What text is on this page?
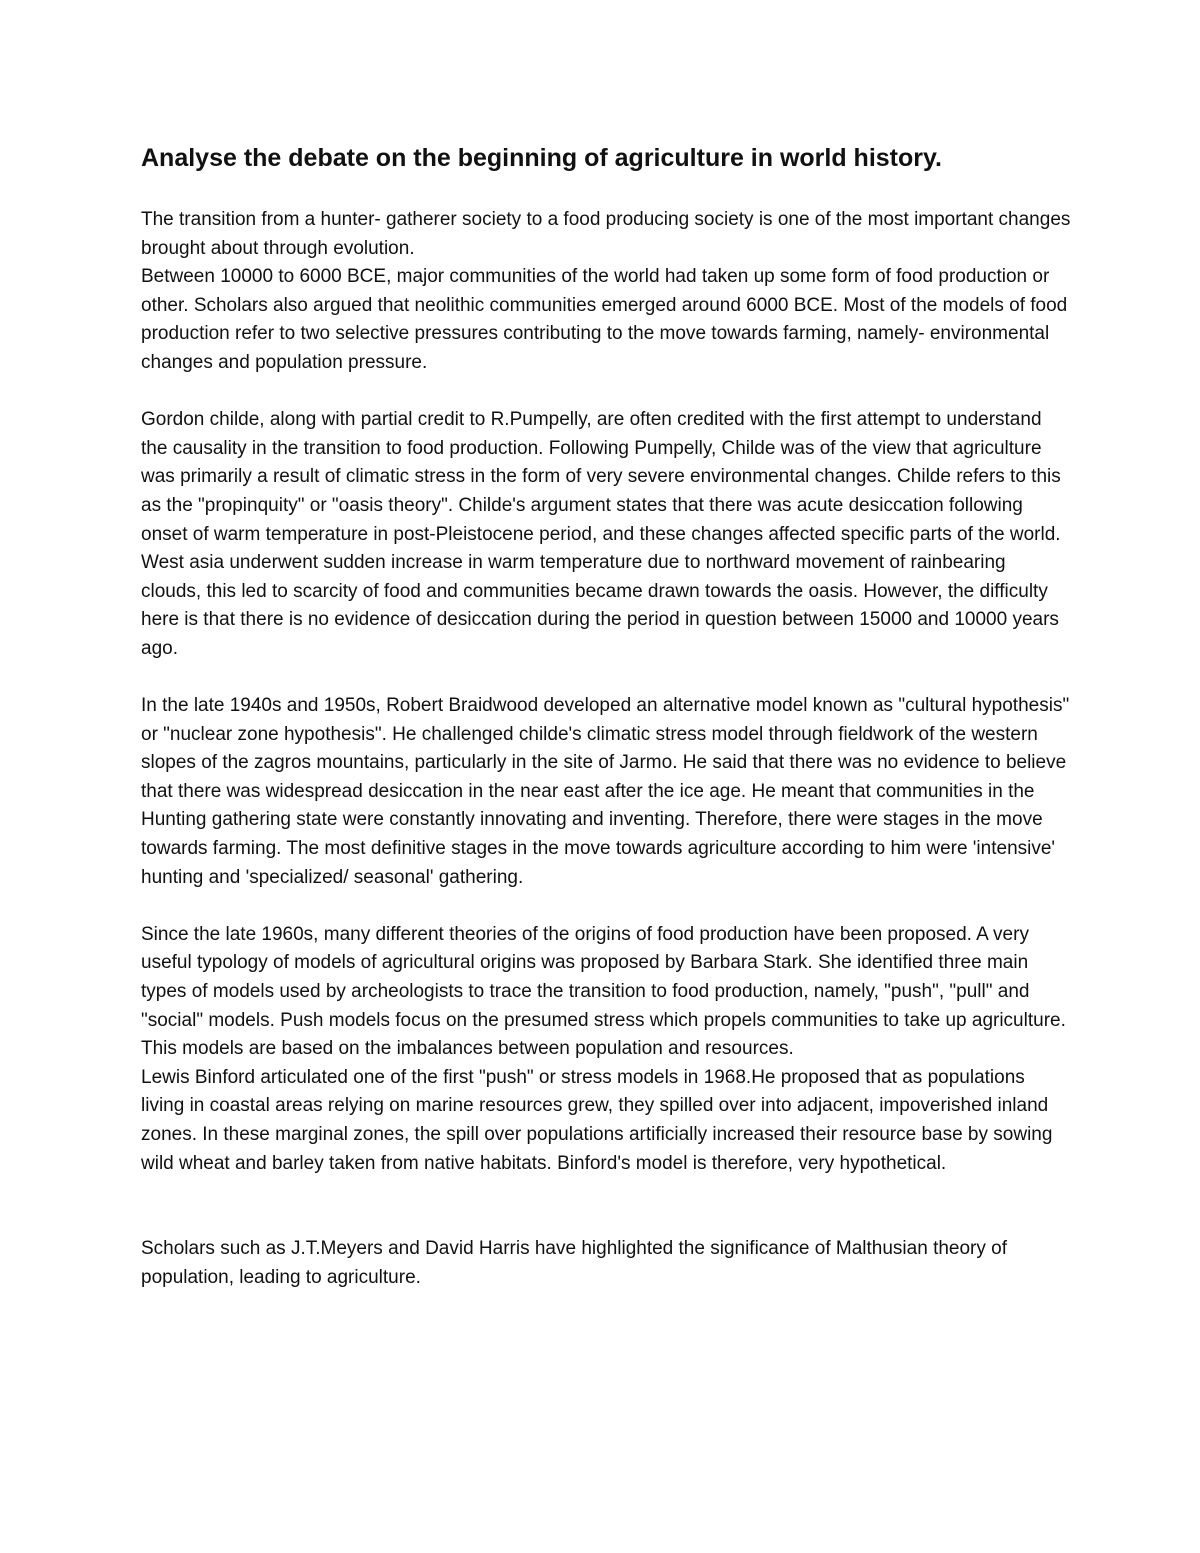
Analyse the debate on the beginning of agriculture in world history.

The transition from a hunter- gatherer society to a food producing society is one of the most important changes brought about through evolution.

Between 10000 to 6000 BCE, major communities of the world had taken up some form of food production or other. Scholars also argued that neolithic communities emerged around 6000 BCE. Most of the models of food production refer to two selective pressures contributing to the move towards farming, namely- environmental changes and population pressure.

Gordon childe, along with partial credit to R.Pumpelly, are often credited with the first attempt to understand the causality in the transition to food production. Following Pumpelly, Childe was of the view that agriculture was primarily a result of climatic stress in the form of very severe environmental changes. Childe refers to this as the "propinquity" or "oasis theory". Childe's argument states that there was acute desiccation following onset of warm temperature in post-Pleistocene period, and these changes affected specific parts of the world. West asia underwent sudden increase in warm temperature due to northward movement of rainbearing clouds, this led to scarcity of food and communities became drawn towards the oasis. However, the difficulty here is that there is no evidence of desiccation during the period in question between 15000 and 10000 years ago.

In the late 1940s and 1950s, Robert Braidwood developed an alternative model known as "cultural hypothesis" or "nuclear zone hypothesis". He challenged childe's climatic stress model through fieldwork of the western slopes of the zagros mountains, particularly in the site of Jarmo. He said that there was no evidence to believe that there was widespread desiccation in the near east after the ice age. He meant that communities in the Hunting gathering state were constantly innovating and inventing. Therefore, there were stages in the move towards farming. The most definitive stages in the move towards agriculture according to him were 'intensive' hunting and 'specialized/ seasonal' gathering.

Since the late 1960s, many different theories of the origins of food production have been proposed. A very useful typology of models of agricultural origins was proposed by Barbara Stark. She identified three main types of models used by archeologists to trace the transition to food production, namely, "push", "pull" and "social" models. Push models focus on the presumed stress which propels communities to take up agriculture. This models are based on the imbalances between population and resources.

Lewis Binford articulated one of the first "push" or stress models in 1968.He proposed that as populations living in coastal areas relying on marine resources grew, they spilled over into adjacent, impoverished inland zones. In these marginal zones, the spill over populations artificially increased their resource base by sowing wild wheat and barley taken from native habitats. Binford's model is therefore, very hypothetical.

Scholars such as J.T.Meyers and David Harris have highlighted the significance of Malthusian theory of population, leading to agriculture.
